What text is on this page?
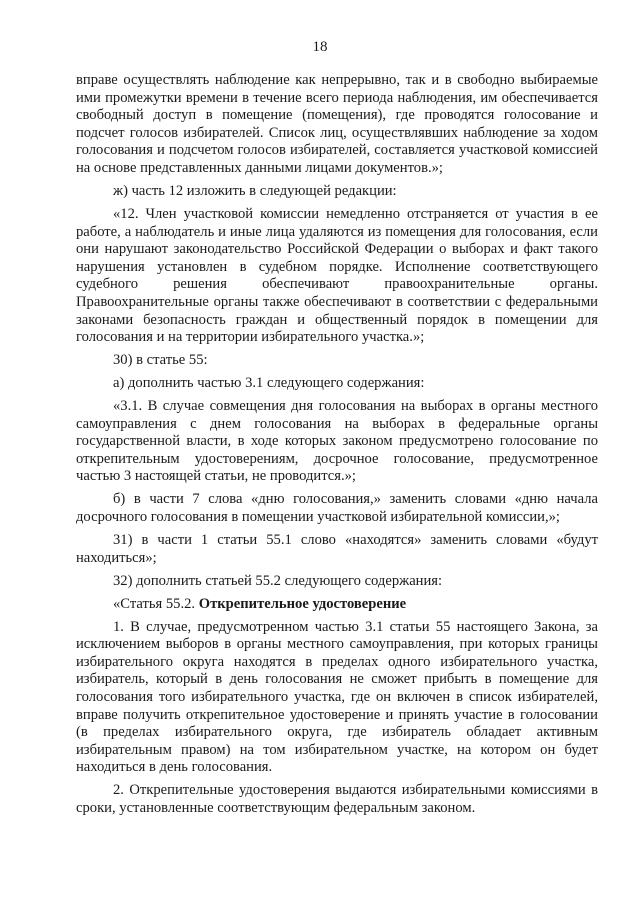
18

вправе осуществлять наблюдение как непрерывно, так и в свободно выбираемые ими промежутки времени в течение всего периода наблюдения, им обеспечивается свободный доступ в помещение (помещения), где проводятся голосование и подсчет голосов избирателей. Список лиц, осуществлявших наблюдение за ходом голосования и подсчетом голосов избирателей, составляется участковой комиссией на основе представленных данными лицами документов.»;

ж) часть 12 изложить в следующей редакции:

«12. Член участковой комиссии немедленно отстраняется от участия в ее работе, а наблюдатель и иные лица удаляются из помещения для голосования, если они нарушают законодательство Российской Федерации о выборах и факт такого нарушения установлен в судебном порядке. Исполнение соответствующего судебного решения обеспечивают правоохранительные органы. Правоохранительные органы также обеспечивают в соответствии с федеральными законами безопасность граждан и общественный порядок в помещении для голосования и на территории избирательного участка.»;

30) в статье 55:

а) дополнить частью 3.1 следующего содержания:

«3.1. В случае совмещения дня голосования на выборах в органы местного самоуправления с днем голосования на выборах в федеральные органы государственной власти, в ходе которых законом предусмотрено голосование по открепительным удостоверениям, досрочное голосование, предусмотренное частью 3 настоящей статьи, не проводится.»;

б) в части 7 слова «дню голосования,» заменить словами «дню начала досрочного голосования в помещении участковой избирательной комиссии,»;

31) в части 1 статьи 55.1 слово «находятся» заменить словами «будут находиться»;

32) дополнить статьей 55.2 следующего содержания:

«Статья 55.2. Открепительное удостоверение

1. В случае, предусмотренном частью 3.1 статьи 55 настоящего Закона, за исключением выборов в органы местного самоуправления, при которых границы избирательного округа находятся в пределах одного избирательного участка, избиратель, который в день голосования не сможет прибыть в помещение для голосования того избирательного участка, где он включен в список избирателей, вправе получить открепительное удостоверение и принять участие в голосовании (в пределах избирательного округа, где избиратель обладает активным избирательным правом) на том избирательном участке, на котором он будет находиться в день голосования.

2. Открепительные удостоверения выдаются избирательными комиссиями в сроки, установленные соответствующим федеральным законом.
